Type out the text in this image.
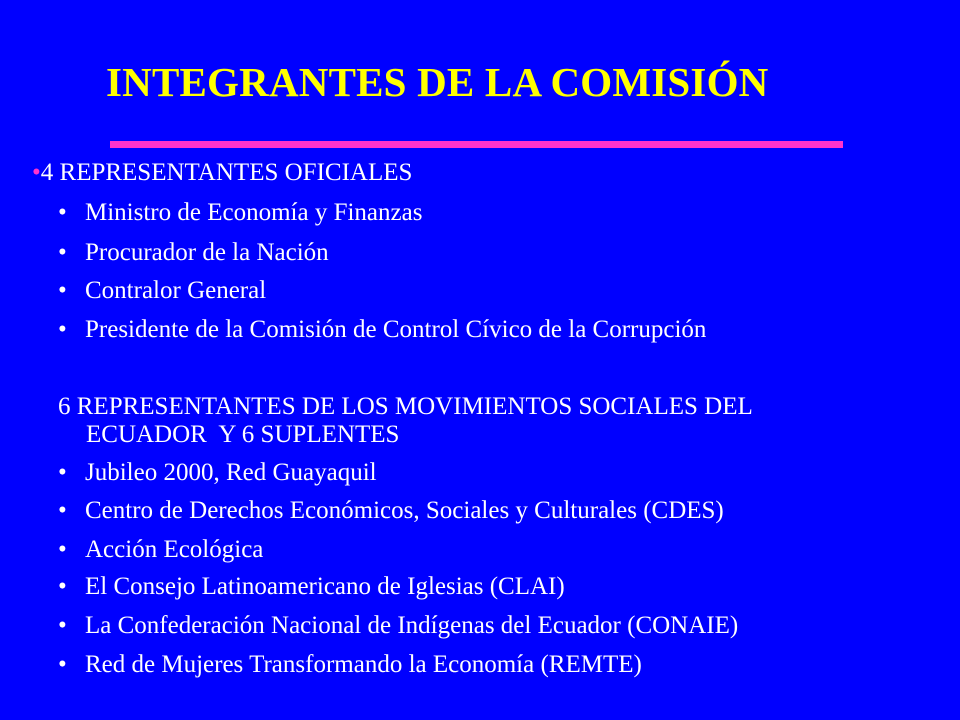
INTEGRANTES DE LA COMISIÓN
•4 REPRESENTANTES OFICIALES
• Ministro de Economía y Finanzas
• Procurador de la Nación
• Contralor General
• Presidente de la Comisión de Control Cívico de la Corrupción
6 REPRESENTANTES DE LOS MOVIMIENTOS SOCIALES DEL
ECUADOR  Y 6 SUPLENTES
• Jubileo 2000, Red Guayaquil
• Centro de Derechos Económicos, Sociales y Culturales (CDES)
• Acción Ecológica
• El Consejo Latinoamericano de Iglesias (CLAI)
• La Confederación Nacional de Indígenas del Ecuador (CONAIE)
• Red de Mujeres Transformando la Economía (REMTE)
